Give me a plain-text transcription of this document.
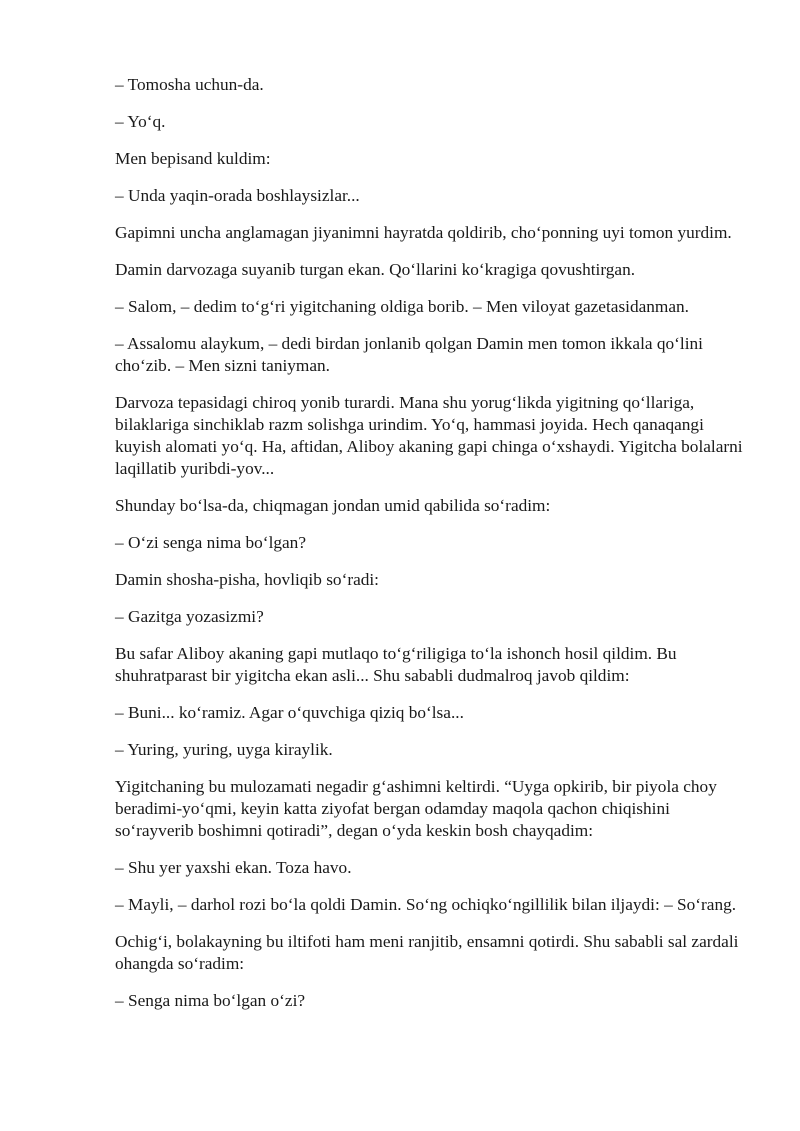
– Tomosha uchun-da.

– Yo‘q.

Men bepisand kuldim:

– Unda yaqin-orada boshlaysizlar...

Gapimni uncha anglamagan jiyanimni hayratda qoldirib, cho‘ponning uyi tomon yurdim.

Damin darvozaga suyanib turgan ekan. Qo‘llarini ko‘kragiga qovushtirgan.

– Salom, – dedim to‘g‘ri yigitchaning oldiga borib. – Men viloyat gazetasidanman.

– Assalomu alaykum, – dedi birdan jonlanib qolgan Damin men tomon ikkala qo‘lini cho‘zib. – Men sizni taniyman.

Darvoza tepasidagi chiroq yonib turardi. Mana shu yorug‘likda yigitning qo‘llariga, bilaklariga sinchiklab razm solishga urindim. Yo‘q, hammasi joyida. Hech qanaqangi kuyish alomati yo‘q. Ha, aftidan, Aliboy akaning gapi chinga o‘xshaydi. Yigitcha bolalarni laqillatib yuribdi-yov...

Shunday bo‘lsa-da, chiqmagan jondan umid qabilida so‘radim:

– O‘zi senga nima bo‘lgan?

Damin shosha-pisha, hovliqib so‘radi:

– Gazitga yozasizmi?

Bu safar Aliboy akaning gapi mutlaqo to‘g‘riligiga to‘la ishonch hosil qildim. Bu shuhratparast bir yigitcha ekan asli... Shu sababli dudmalroq javob qildim:

– Buni... ko‘ramiz. Agar o‘quvchiga qiziq bo‘lsa...

– Yuring, yuring, uyga kiraylik.

Yigitchaning bu mulozamati negadir g‘ashimni keltirdi. “Uyga opkirib, bir piyola choy beradimi-yo‘qmi, keyin katta ziyofat bergan odamday maqola qachon chiqishini so‘rayverib boshimni qotiradi”, degan o‘yda keskin bosh chayqadim:

– Shu yer yaxshi ekan. Toza havo.

– Mayli, – darhol rozi bo‘la qoldi Damin. So‘ng ochiqko‘ngillilik bilan iljaydi: – So‘rang.

Ochig‘i, bolakayning bu iltifoti ham meni ranjitib, ensamni qotirdi. Shu sababli sal zardali ohangda so‘radim:

– Senga nima bo‘lgan o‘zi?
